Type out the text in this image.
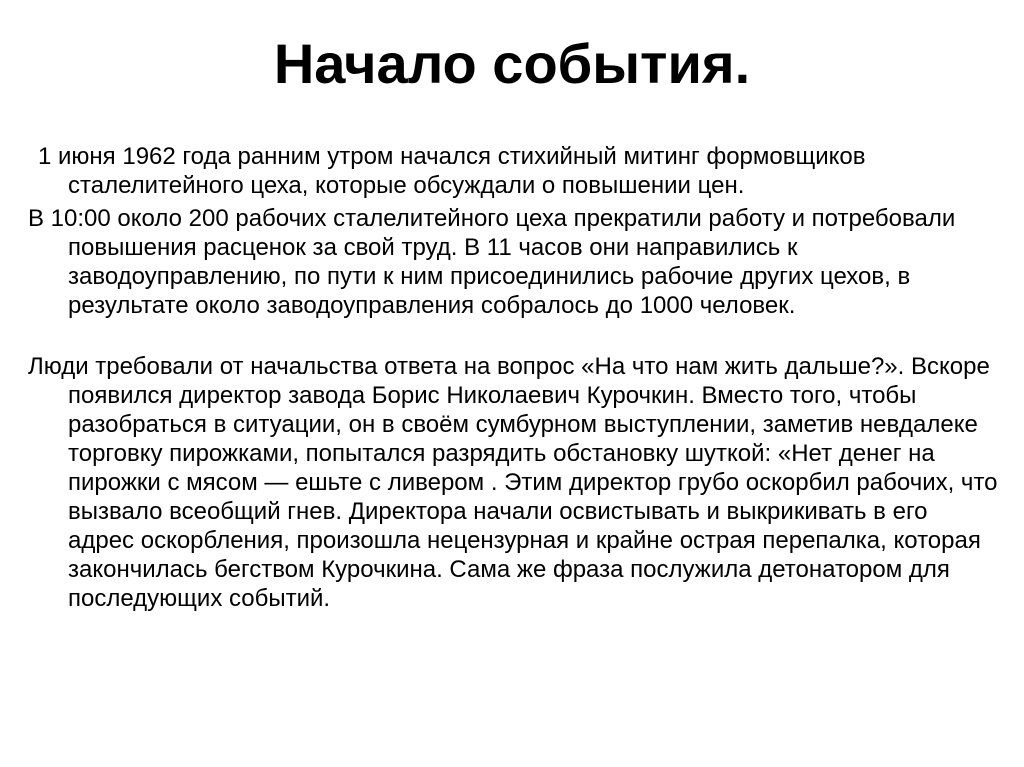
Начало события.

1 июня 1962 года ранним утром начался стихийный митинг формовщиков сталелитейного цеха, которые обсуждали о повышении цен.

В 10:00 около 200 рабочих сталелитейного цеха прекратили работу и потребовали повышения расценок за свой труд. В 11 часов они направились к заводоуправлению, по пути к ним присоединились рабочие других цехов, в результате около заводоуправления собралось до 1000 человек.

Люди требовали от начальства ответа на вопрос «На что нам жить дальше?». Вскоре появился директор завода Борис Николаевич Курочкин. Вместо того, чтобы разобраться в ситуации, он в своём сумбурном выступлении, заметив невдалеке торговку пирожками, попытался разрядить обстановку шуткой: «Нет денег на пирожки с мясом — ешьте с ливером . Этим директор грубо оскорбил рабочих, что вызвало всеобщий гнев. Директора начали освистывать и выкрикивать в его адрес оскорбления, произошла нецензурная и крайне острая перепалка, которая закончилась бегством Курочкина. Сама же фраза послужила детонатором для последующих событий.
